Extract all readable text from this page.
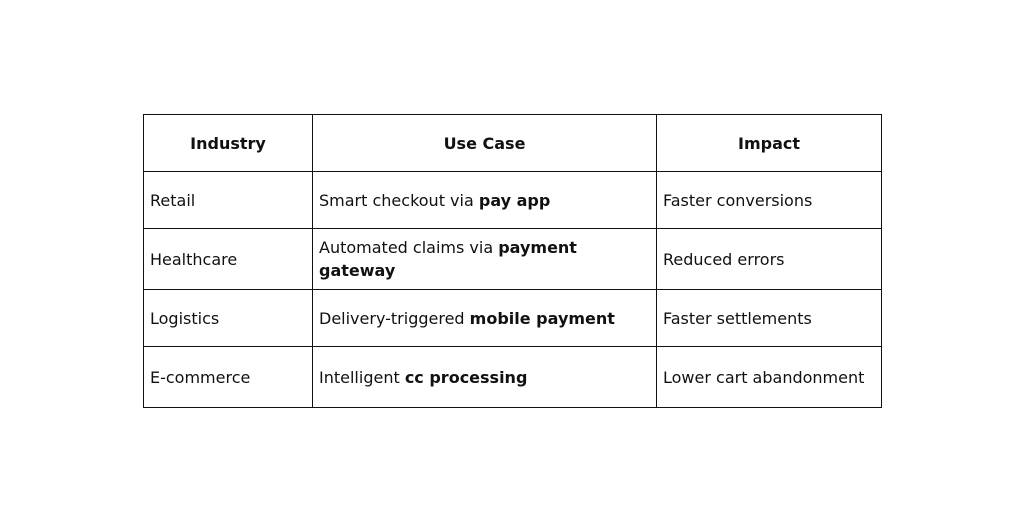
Industry	Use Case	Impact
Retail	Smart checkout via pay app	Faster conversions
Healthcare	Automated claims via payment gateway	Reduced errors
Logistics	Delivery-triggered mobile payment	Faster settlements
E-commerce	Intelligent cc processing	Lower cart abandonment
